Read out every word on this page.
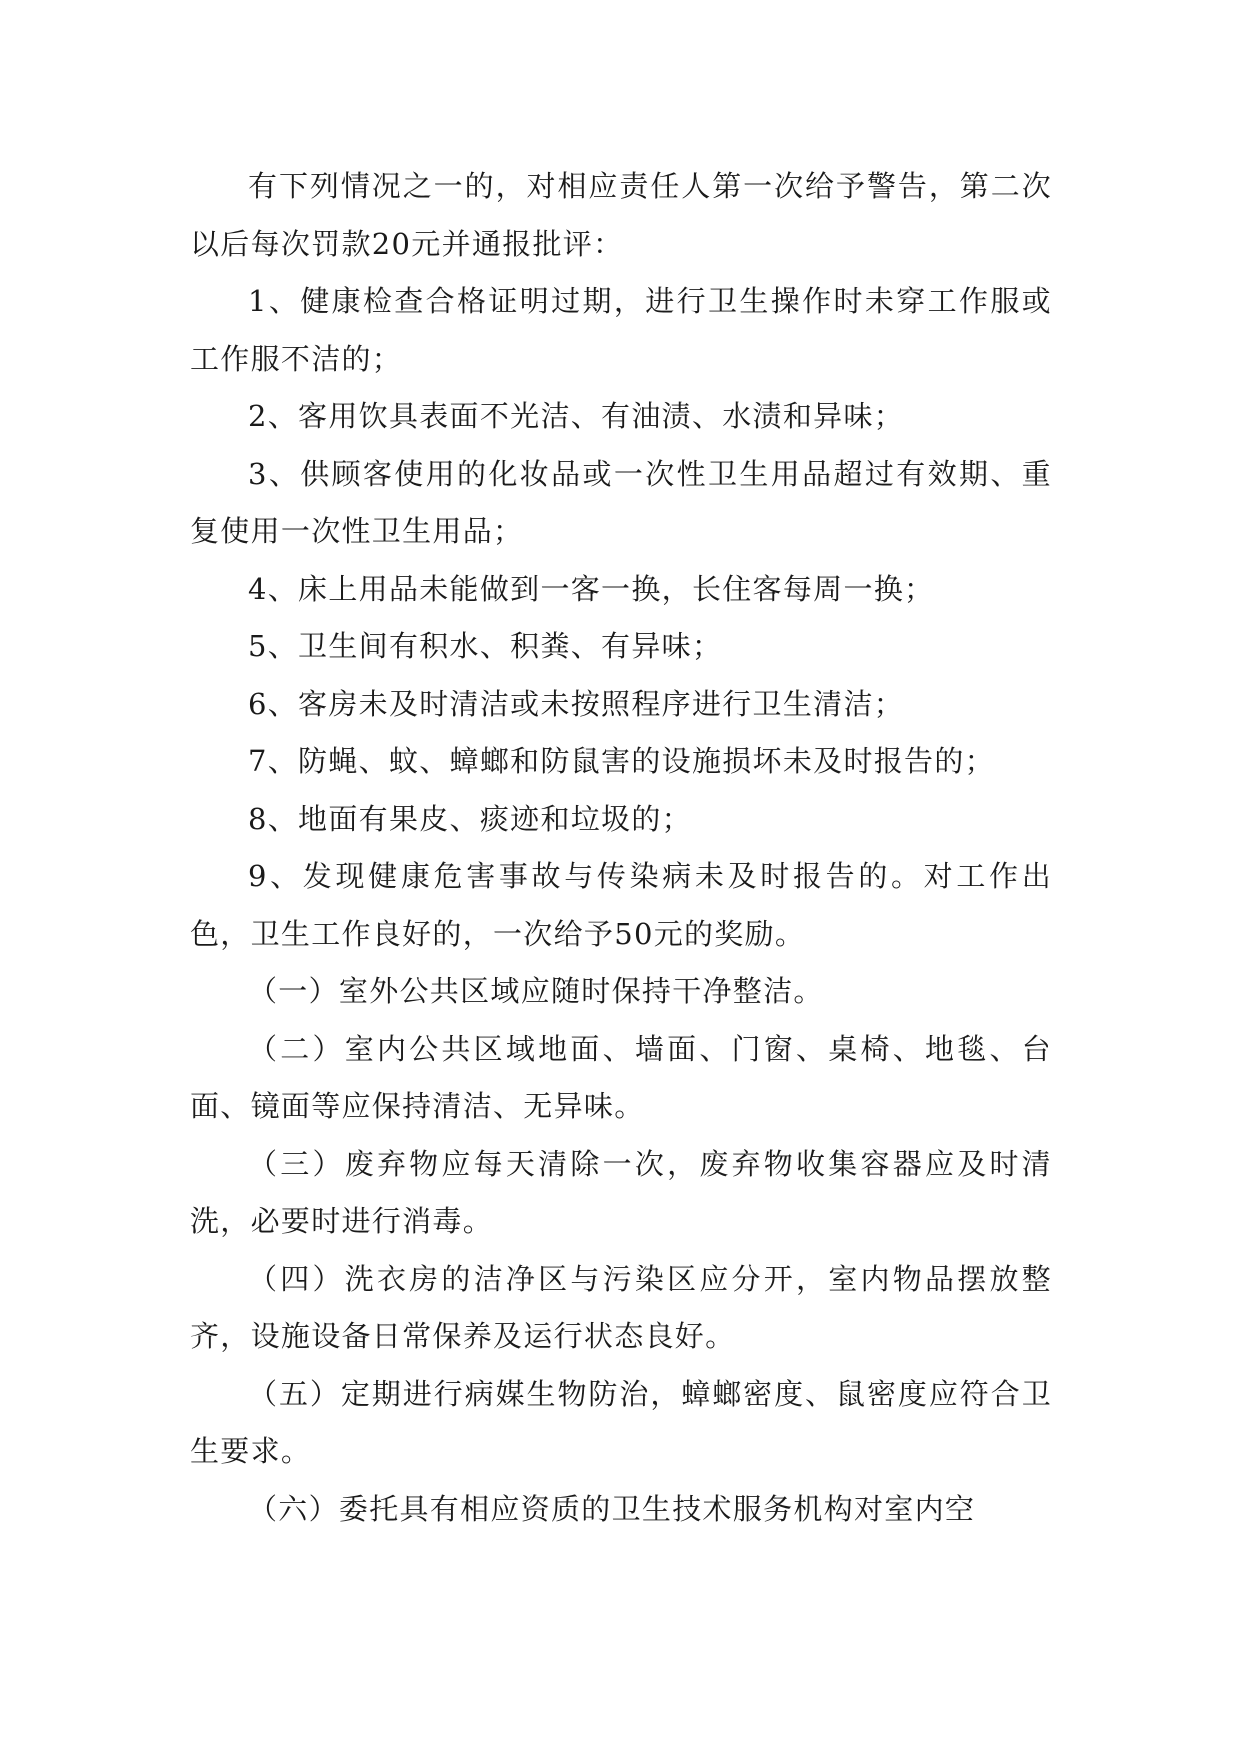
有下列情况之一的，对相应责任人第一次给予警告，第二次以后每次罚款20元并通报批评：

1、健康检查合格证明过期，进行卫生操作时未穿工作服或工作服不洁的；

2、客用饮具表面不光洁、有油渍、水渍和异味；

3、供顾客使用的化妆品或一次性卫生用品超过有效期、重复使用一次性卫生用品；

4、床上用品未能做到一客一换，长住客每周一换；

5、卫生间有积水、积粪、有异味；

6、客房未及时清洁或未按照程序进行卫生清洁；

7、防蝇、蚊、蟑螂和防鼠害的设施损坏未及时报告的；

8、地面有果皮、痰迹和垃圾的；

9、发现健康危害事故与传染病未及时报告的。对工作出色，卫生工作良好的，一次给予50元的奖励。

（一）室外公共区域应随时保持干净整洁。

（二）室内公共区域地面、墙面、门窗、桌椅、地毯、台面、镜面等应保持清洁、无异味。

（三）废弃物应每天清除一次，废弃物收集容器应及时清洗，必要时进行消毒。

（四）洗衣房的洁净区与污染区应分开，室内物品摆放整齐，设施设备日常保养及运行状态良好。

（五）定期进行病媒生物防治，蟑螂密度、鼠密度应符合卫生要求。

（六）委托具有相应资质的卫生技术服务机构对室内空
